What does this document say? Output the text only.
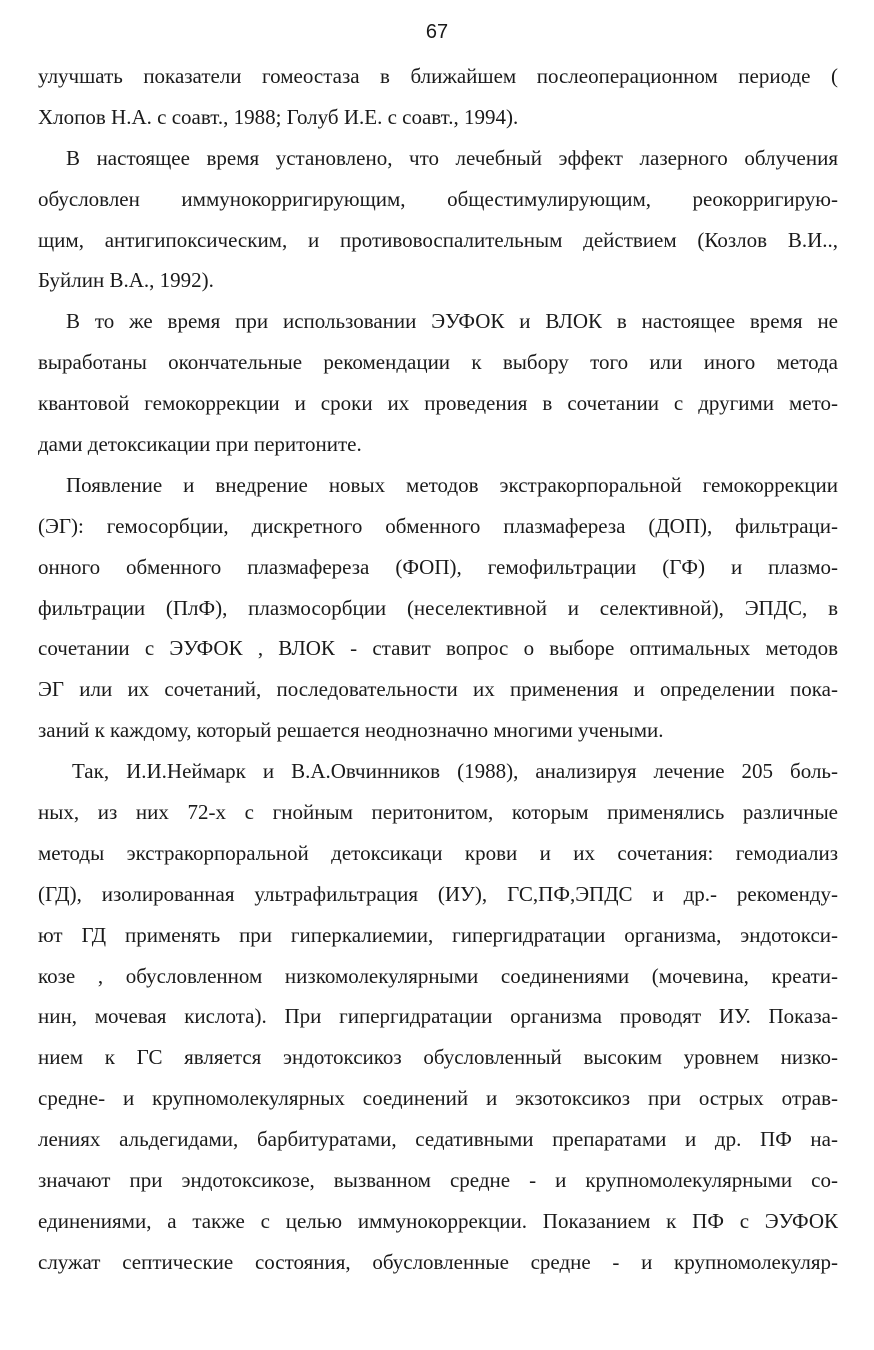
67
улучшать показатели гомеостаза в ближайшем послеоперационном периоде (
Хлопов Н.А. с соавт., 1988; Голуб И.Е. с соавт., 1994).
В настоящее время установлено, что лечебный эффект лазерного облучения
обусловлен иммунокорригирующим, общестимулирующим, реокорригирую-
щим, антигипоксическим, и противовоспалительным действием (Козлов В.И..,
Буйлин В.А., 1992).
В то же время при использовании ЭУФОК и ВЛОК в настоящее время не
выработаны окончательные рекомендации к выбору того или иного метода
квантовой гемокоррекции и сроки их проведения в сочетании с другими мето-
дами детоксикации при перитоните.
Появление и внедрение новых методов экстракорпоральной гемокоррекции
(ЭГ): гемосорбции, дискретного обменного плазмафереза (ДОП), фильтраци-
онного обменного плазмафереза (ФОП), гемофильтрации (ГФ) и плазмо-
фильтрации (ПлФ), плазмосорбции (неселективной и селективной), ЭПДС, в
сочетании с ЭУФОК , ВЛОК - ставит вопрос о выборе оптимальных методов
ЭГ или их сочетаний, последовательности их применения и определении пока-
заний к каждому, который решается неоднозначно многими учеными.
Так, И.И.Неймарк и В.А.Овчинников (1988), анализируя лечение 205 боль-
ных, из них 72-х с гнойным перитонитом, которым применялись различные
методы экстракорпоральной детоксикаци крови и их сочетания: гемодиализ
(ГД), изолированная ультрафильтрация (ИУ), ГС,ПФ,ЭПДС и др.- рекоменду-
ют ГД применять при гиперкалиемии, гипергидратации организма, эндотокси-
козе , обусловленном низкомолекулярными соединениями (мочевина, креати-
нин, мочевая кислота). При гипергидратации организма проводят ИУ. Показа-
нием к ГС является эндотоксикоз обусловленный высоким уровнем низко-
средне- и крупномолекулярных соединений и экзотоксикоз при острых отрав-
лениях альдегидами, барбитуратами, седативными препаратами и др. ПФ на-
значают при эндотоксикозе, вызванном средне - и крупномолекулярными со-
единениями, а также с целью иммунокоррекции. Показанием к ПФ с ЭУФОК
служат септические состояния, обусловленные средне - и крупномолекуляр-
